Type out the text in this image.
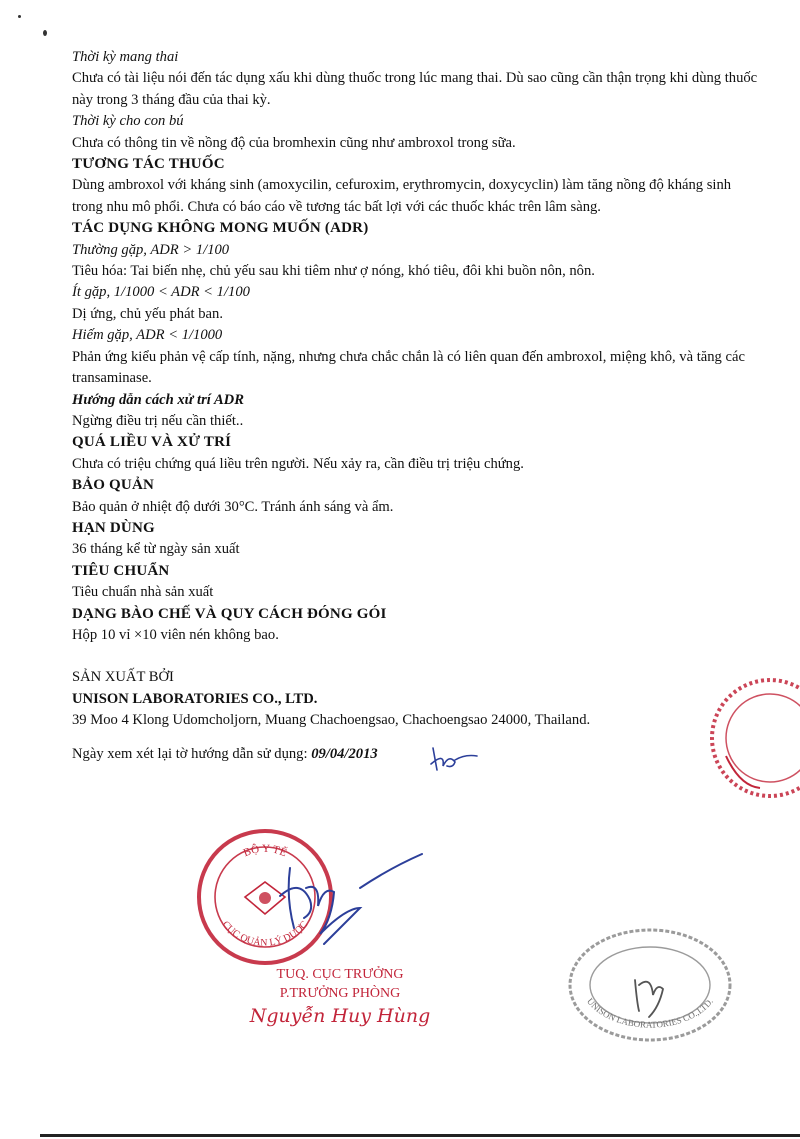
Thời kỳ mang thai

Chưa có tài liệu nói đến tác dụng xấu khi dùng thuốc trong lúc mang thai. Dù sao cũng cần thận trọng khi dùng thuốc này trong 3 tháng đầu của thai kỳ.

Thời kỳ cho con bú

Chưa có thông tin về nồng độ của bromhexin cũng như ambroxol trong sữa.

TƯƠNG TÁC THUỐC

Dùng ambroxol với kháng sinh (amoxycilin, cefuroxim, erythromycin, doxycyclin) làm tăng nồng độ kháng sinh trong nhu mô phổi. Chưa có báo cáo về tương tác bất lợi với các thuốc khác trên lâm sàng.

TÁC DỤNG KHÔNG MONG MUỐN (ADR)

Thường gặp, ADR > 1/100

Tiêu hóa: Tai biến nhẹ, chủ yếu sau khi tiêm như ợ nóng, khó tiêu, đôi khi buồn nôn, nôn.

Ít gặp, 1/1000 < ADR < 1/100

Dị ứng, chủ yếu phát ban.

Hiếm gặp, ADR < 1/1000

Phản ứng kiểu phản vệ cấp tính, nặng, nhưng chưa chắc chắn là có liên quan đến ambroxol, miệng khô, và tăng các transaminase.

Hướng dẫn cách xử trí ADR

Ngừng điều trị nếu cần thiết..

QUÁ LIỀU VÀ XỬ TRÍ

Chưa có triệu chứng quá liều trên người. Nếu xảy ra, cần điều trị triệu chứng.

BẢO QUẢN

Bảo quản ở nhiệt độ dưới 30°C. Tránh ánh sáng và ẩm.

HẠN DÙNG

36 tháng kể từ ngày sản xuất

TIÊU CHUẨN

Tiêu chuẩn nhà sản xuất

DẠNG BÀO CHẾ VÀ QUY CÁCH ĐÓNG GÓI

Hộp 10 vỉ ×10 viên nén không bao.

SẢN XUẤT BỞI

UNISON LABORATORIES CO., LTD.

39 Moo 4 Klong Udomcholjorn, Muang Chachoengsao, Chachoengsao 24000, Thailand.

Ngày xem xét lại tờ hướng dẫn sử dụng: 09/04/2013

BỘ Y TẾ
CỤC QUẢN LÝ DƯỢC
TUQ. CỤC TRƯỞNG
P.TRƯỞNG PHÒNG
Nguyễn Huy Hùng
UNISON LABORATORIES CO.,LTD.
